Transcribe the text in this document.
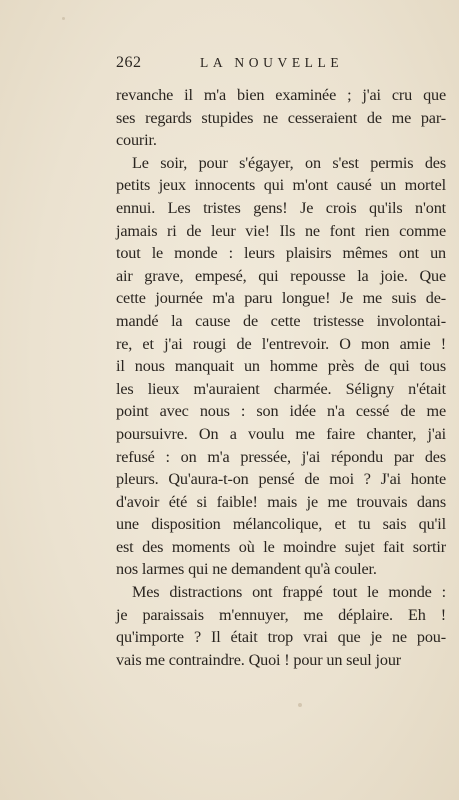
262	LA NOUVELLE
revanche il m'a bien examinée ; j'ai cru que
ses regards stupides ne cesseraient de me par-
courir.
Le soir, pour s'égayer, on s'est permis des
petits jeux innocents qui m'ont causé un mortel
ennui. Les tristes gens! Je crois qu'ils n'ont
jamais ri de leur vie! Ils ne font rien comme
tout le monde : leurs plaisirs mêmes ont un
air grave, empesé, qui repousse la joie. Que
cette journée m'a paru longue! Je me suis de-
mandé la cause de cette tristesse involontai-
re, et j'ai rougi de l'entrevoir. O mon amie !
il nous manquait un homme près de qui tous
les lieux m'auraient charmée. Séligny n'était
point avec nous : son idée n'a cessé de me
poursuivre. On a voulu me faire chanter, j'ai
refusé : on m'a pressée, j'ai répondu par des
pleurs. Qu'aura-t-on pensé de moi ? J'ai honte
d'avoir été si faible! mais je me trouvais dans
une disposition mélancolique, et tu sais qu'il
est des moments où le moindre sujet fait sortir
nos larmes qui ne demandent qu'à couler.
Mes distractions ont frappé tout le monde :
je paraissais m'ennuyer, me déplaire. Eh !
qu'importe ? Il était trop vrai que je ne pou-
vais me contraindre. Quoi ! pour un seul jour
